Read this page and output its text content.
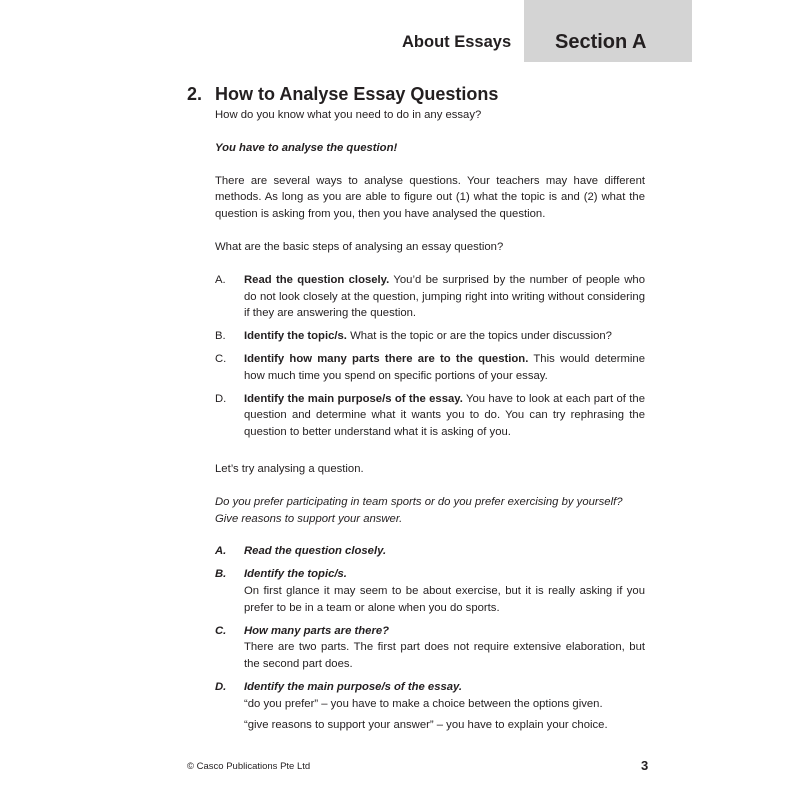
About Essays Section A
2. How to Analyse Essay Questions

How do you know what you need to do in any essay?

You have to analyse the question!

There are several ways to analyse questions. Your teachers may have different methods. As long as you are able to figure out (1) what the topic is and (2) what the question is asking from you, then you have analysed the question.

What are the basic steps of analysing an essay question?

A.	Read the question closely. You’d be surprised by the number of people who do not look closely at the question, jumping right into writing without considering if they are answering the question.
B.	Identify the topic/s. What is the topic or are the topics under discussion?
C.	Identify how many parts there are to the question. This would determine how much time you spend on specific portions of your essay.
D.	Identify the main purpose/s of the essay. You have to look at each part of the question and determine what it wants you to do. You can try rephrasing the question to better understand what it is asking of you.

Let’s try analysing a question.

Do you prefer participating in team sports or do you prefer exercising by yourself? Give reasons to support your answer.

A.	Read the question closely.
B.	Identify the topic/s.
On first glance it may seem to be about exercise, but it is really asking if you prefer to be in a team or alone when you do sports.
C.	How many parts are there?
There are two parts. The first part does not require extensive elaboration, but the second part does.
D.	Identify the main purpose/s of the essay.
“do you prefer” – you have to make a choice between the options given.

“give reasons to support your answer” – you have to explain your choice.
© Casco Publications Pte Ltd	3
